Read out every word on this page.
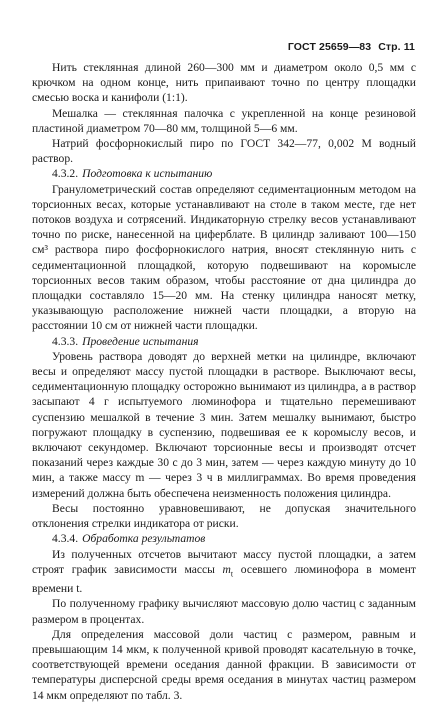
ГОСТ 25659—83 Стр. 11

Нить стеклянная длиной 260—300 мм и диаметром около 0,5 мм с крючком на одном конце, нить припаивают точно по центру площадки смесью воска и канифоли (1:1).

Мешалка — стеклянная палочка с укрепленной на конце резиновой пластиной диаметром 70—80 мм, толщиной 5—6 мм.

Натрий фосфорнокислый пиро по ГОСТ 342—77, 0,002 М водный раствор.

4.3.2. Подготовка к испытанию

Гранулометрический состав определяют седиментационным методом на торсионных весах, которые устанавливают на столе в таком месте, где нет потоков воздуха и сотрясений. Индикаторную стрелку весов устанавливают точно по риске, нанесенной на циферблате. В цилиндр заливают 100—150 см³ раствора пиро фосфорнокислого натрия, вносят стеклянную нить с седиментационной площадкой, которую подвешивают на коромысле торсионных весов таким образом, чтобы расстояние от дна цилиндра до площадки составляло 15—20 мм. На стенку цилиндра наносят метку, указывающую расположение нижней части площадки, а вторую на расстоянии 10 см от нижней части площадки.

4.3.3. Проведение испытания

Уровень раствора доводят до верхней метки на цилиндре, включают весы и определяют массу пустой площадки в растворе. Выключают весы, седиментационную площадку осторожно вынимают из цилиндра, а в раствор засыпают 4 г испытуемого люминофора и тщательно перемешивают суспензию мешалкой в течение 3 мин. Затем мешалку вынимают, быстро погружают площадку в суспензию, подвешивая ее к коромыслу весов, и включают секундомер. Включают торсионные весы и производят отсчет показаний через каждые 30 с до 3 мин, затем — через каждую минуту до 10 мин, а также массу m — через 3 ч в миллиграммах. Во время проведения измерений должна быть обеспечена неизменность положения цилиндра.

Весы постоянно уравновешивают, не допуская значительного отклонения стрелки индикатора от риски.

4.3.4. Обработка результатов

Из полученных отсчетов вычитают массу пустой площадки, а затем строят график зависимости массы $m_t$ осевшего люминофора в момент времени t.

По полученному графику вычисляют массовую долю частиц с заданным размером в процентах.

Для определения массовой доли частиц с размером, равным и превышающим 14 мкм, к полученной кривой проводят касательную в точке, соответствующей времени оседания данной фракции. В зависимости от температуры дисперсной среды время оседания в минутах частиц размером 14 мкм определяют по табл. 3.
